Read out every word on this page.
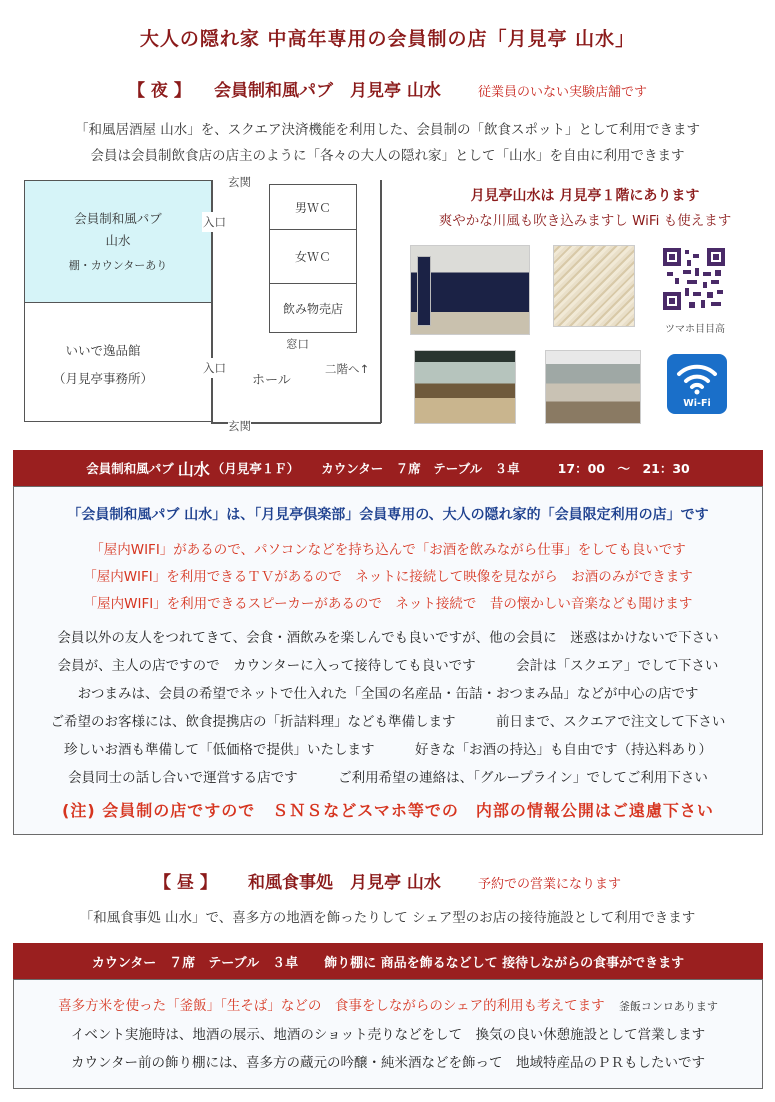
大人の隠れ家 中高年専用の会員制の店「月見亭 山水」
【 夜 】 会員制和風パブ　月見亭 山水	従業員のいない実験店舗です
「和風居酒屋 山水」を、スクエア決済機能を利用した、会員制の「飲食スポット」として利用できます
会員は会員制飲食店の店主のように「各々の大人の隠れ家」として「山水」を自由に利用できます
会員制和風パブ
山水
棚・カウンターあり
いいで逸品館
（月見亭事務所）
男ＷＣ
女ＷＣ
飲み物売店
玄関
入口
入口
窓口
ホール
二階へ↑
玄関
月見亭山水は 月見亭１階にあります
爽やかな川風も吹き込みますし WiFi も使えます
ツマホ目目高
Wi-Fi
会員制和風パブ 山水 （月見亭１Ｆ） カウンター　７席　テーブル　３卓	17：00　～　21：30
「会員制和風パブ 山水」は、「月見亭倶楽部」会員専用の、大人の隠れ家的「会員限定利用の店」です
「屋内WIFI」があるので、パソコンなどを持ち込んで「お酒を飲みながら仕事」をしても良いです
「屋内WIFI」を利用できるＴＶがあるので　ネットに接続して映像を見ながら　お酒のみができます
「屋内WIFI」を利用できるスピーカーがあるので　ネット接続で　昔の懐かしい音楽なども聞けます
会員以外の友人をつれてきて、会食・酒飲みを楽しんでも良いですが、他の会員に　迷惑はかけないで下さい
会員が、主人の店ですので　カウンターに入って接待しても良いです　　　会計は「スクエア」でして下さい
おつまみは、会員の希望でネットで仕入れた「全国の名産品・缶詰・おつまみ品」などが中心の店です
ご希望のお客様には、飲食提携店の「折詰料理」なども準備します　　　前日まで、スクエアで注文して下さい
珍しいお酒も準備して「低価格で提供」いたします　　　好きな「お酒の持込」も自由です（持込料あり）
会員同士の話し合いで運営する店です　　　ご利用希望の連絡は、「グループライン」でしてご利用下さい
(注) 会員制の店ですので　ＳＮＳなどスマホ等での　内部の情報公開はご遠慮下さい
【 昼 】 和風食事処　月見亭 山水	予約での営業になります
「和風食事処 山水」で、喜多方の地酒を飾ったりして シェア型のお店の接待施設として利用できます
カウンター　７席　テーブル　３卓　　飾り棚に 商品を飾るなどして 接待しながらの食事ができます
喜多方米を使った「釜飯」「生そば」などの　食事をしながらのシェア的利用も考えてます 釜飯コンロあります
イベント実施時は、地酒の展示、地酒のショット売りなどをして　換気の良い休憩施設として営業します
カウンター前の飾り棚には、喜多方の蔵元の吟醸・純米酒などを飾って　地域特産品のＰＲもしたいです
